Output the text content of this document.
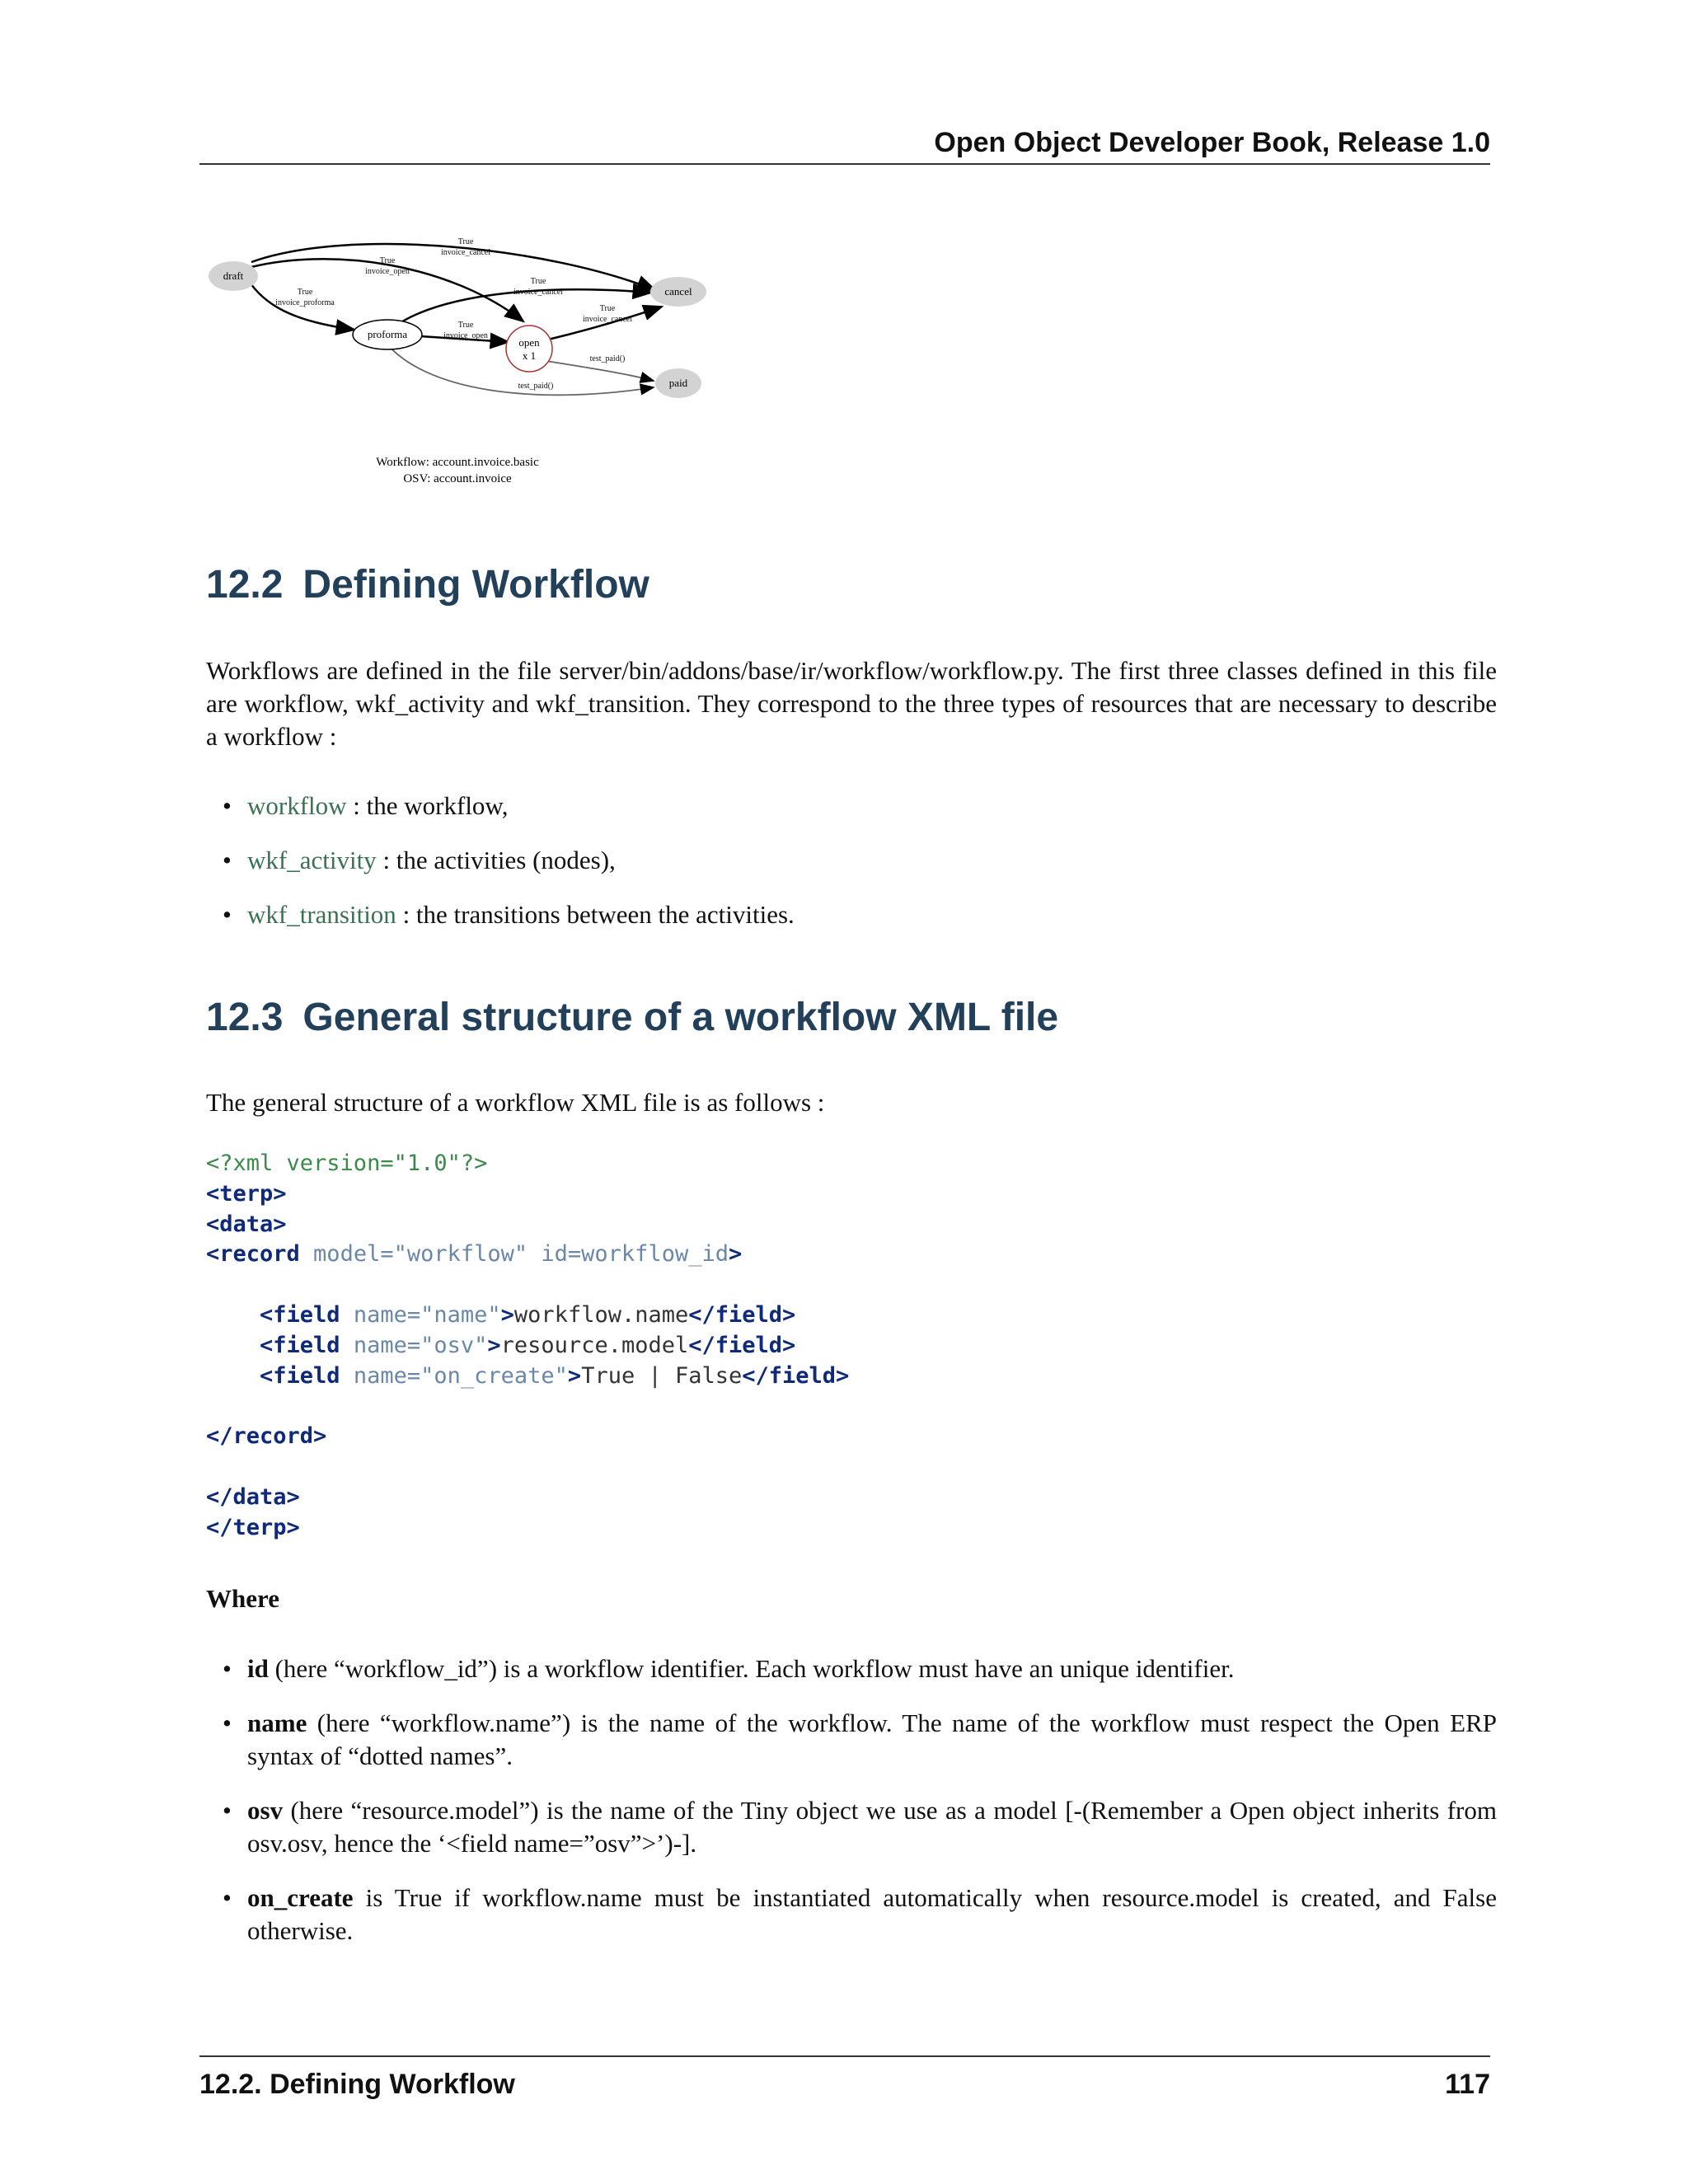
Open Object Developer Book, Release 1.0
True
invoice_cancel
True
invoice_open
True
invoice_proforma
True
invoice_cancel
True
invoice_open
True
invoice_cancel
test_paid()
test_paid()
draft
proforma
open
x 1
cancel
paid
Workflow: account.invoice.basic
OSV: account.invoice
12.2 Defining Workflow

Workflows are defined in the file server/bin/addons/base/ir/workflow/workflow.py. The first three classes defined in this file are workflow, wkf_activity and wkf_transition. They correspond to the three types of resources that are necessary to describe a workflow :

• workflow : the workflow,
• wkf_activity : the activities (nodes),
• wkf_transition : the transitions between the activities.
12.3 General structure of a workflow XML file

The general structure of a workflow XML file is as follows :

<?xml version="1.0"?>
<terp>
<data>
<record model="workflow" id=workflow_id>

<field name="name">workflow.name</field>
<field name="osv">resource.model</field>
<field name="on_create">True | False</field>

</record>

</data>
</terp>
Where
• id (here “workflow_id”) is a workflow identifier. Each workflow must have an unique identifier.
• name (here “workflow.name”) is the name of the workflow. The name of the workflow must respect the Open ERP syntax of “dotted names”.
• osv (here “resource.model”) is the name of the Tiny object we use as a model [-(Remember a Open object inherits from osv.osv, hence the ‘<field name=”osv”>’)-].
• on_create is True if workflow.name must be instantiated automatically when resource.model is created, and False otherwise.
12.2. Defining Workflow	117
